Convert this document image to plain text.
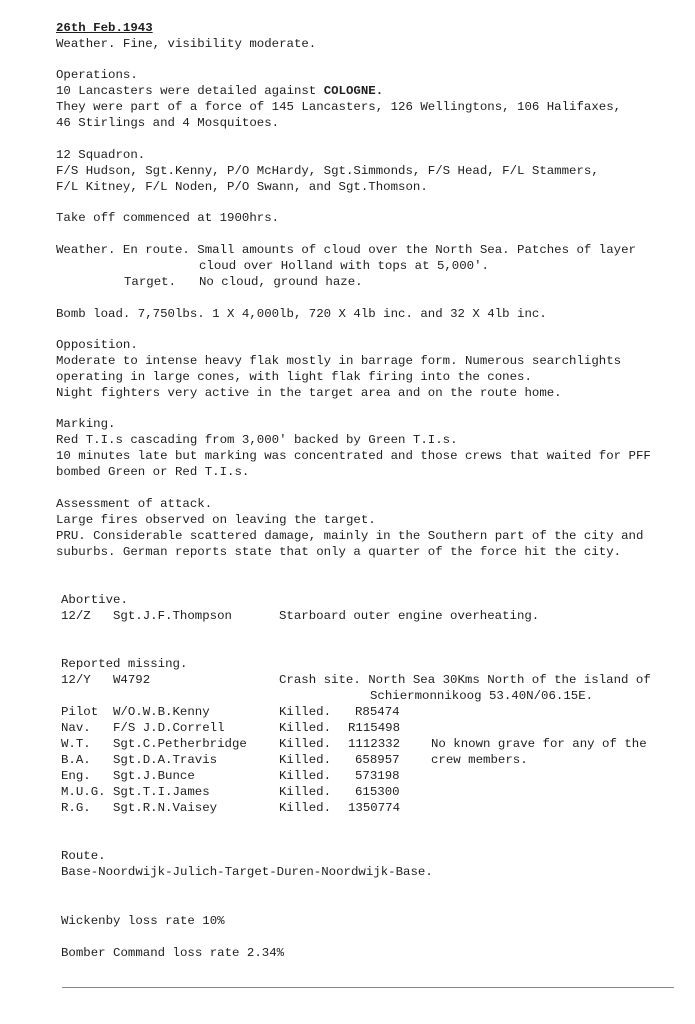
26th Feb.1943
Weather. Fine, visibility moderate.
Operations.
10 Lancasters were detailed against COLOGNE.
They were part of a force of 145 Lancasters, 126 Wellingtons, 106 Halifaxes,
46 Stirlings and 4 Mosquitoes.
12 Squadron.
F/S Hudson, Sgt.Kenny, P/O McHardy, Sgt.Simmonds, F/S Head, F/L Stammers,
F/L Kitney, F/L Noden, P/O Swann, and Sgt.Thomson.
Take off commenced at 1900hrs.
Weather. En route. Small amounts of cloud over the North Sea. Patches of layer
cloud over Holland with tops at 5,000'.
Target. No cloud, ground haze.
Bomb load. 7,750lbs. 1 X 4,000lb, 720 X 4lb inc. and 32 X 4lb inc.
Opposition.
Moderate to intense heavy flak mostly in barrage form. Numerous searchlights
operating in large cones, with light flak firing into the cones.
Night fighters very active in the target area and on the route home.
Marking.
Red T.I.s cascading from 3,000' backed by Green T.I.s.
10 minutes late but marking was concentrated and those crews that waited for PFF
bombed Green or Red T.I.s.
Assessment of attack.
Large fires observed on leaving the target.
PRU. Considerable scattered damage, mainly in the Southern part of the city and
suburbs. German reports state that only a quarter of the force hit the city.
Abortive.
12/Z Sgt.J.F.Thompson	Starboard outer engine overheating.
Reported missing.
12/Y W4792	Crash site. North Sea 30Kms North of the island of
Schiermonnikoog 53.40N/06.15E.
Pilot W/O.W.B.Kenny	Killed. R85474
Nav. F/S J.D.Correll	Killed. R115498
W.T. Sgt.C.Petherbridge	Killed. 1112332
B.A. Sgt.D.A.Travis	Killed. 658957
Eng. Sgt.J.Bunce	Killed. 573198
M.U.G. Sgt.T.I.James	Killed. 615300
R.G. Sgt.R.N.Vaisey	Killed. 1350774
No known grave for any of the
crew members.
Route.
Base-Noordwijk-Julich-Target-Duren-Noordwijk-Base.
Wickenby loss rate 10%
Bomber Command loss rate 2.34%
